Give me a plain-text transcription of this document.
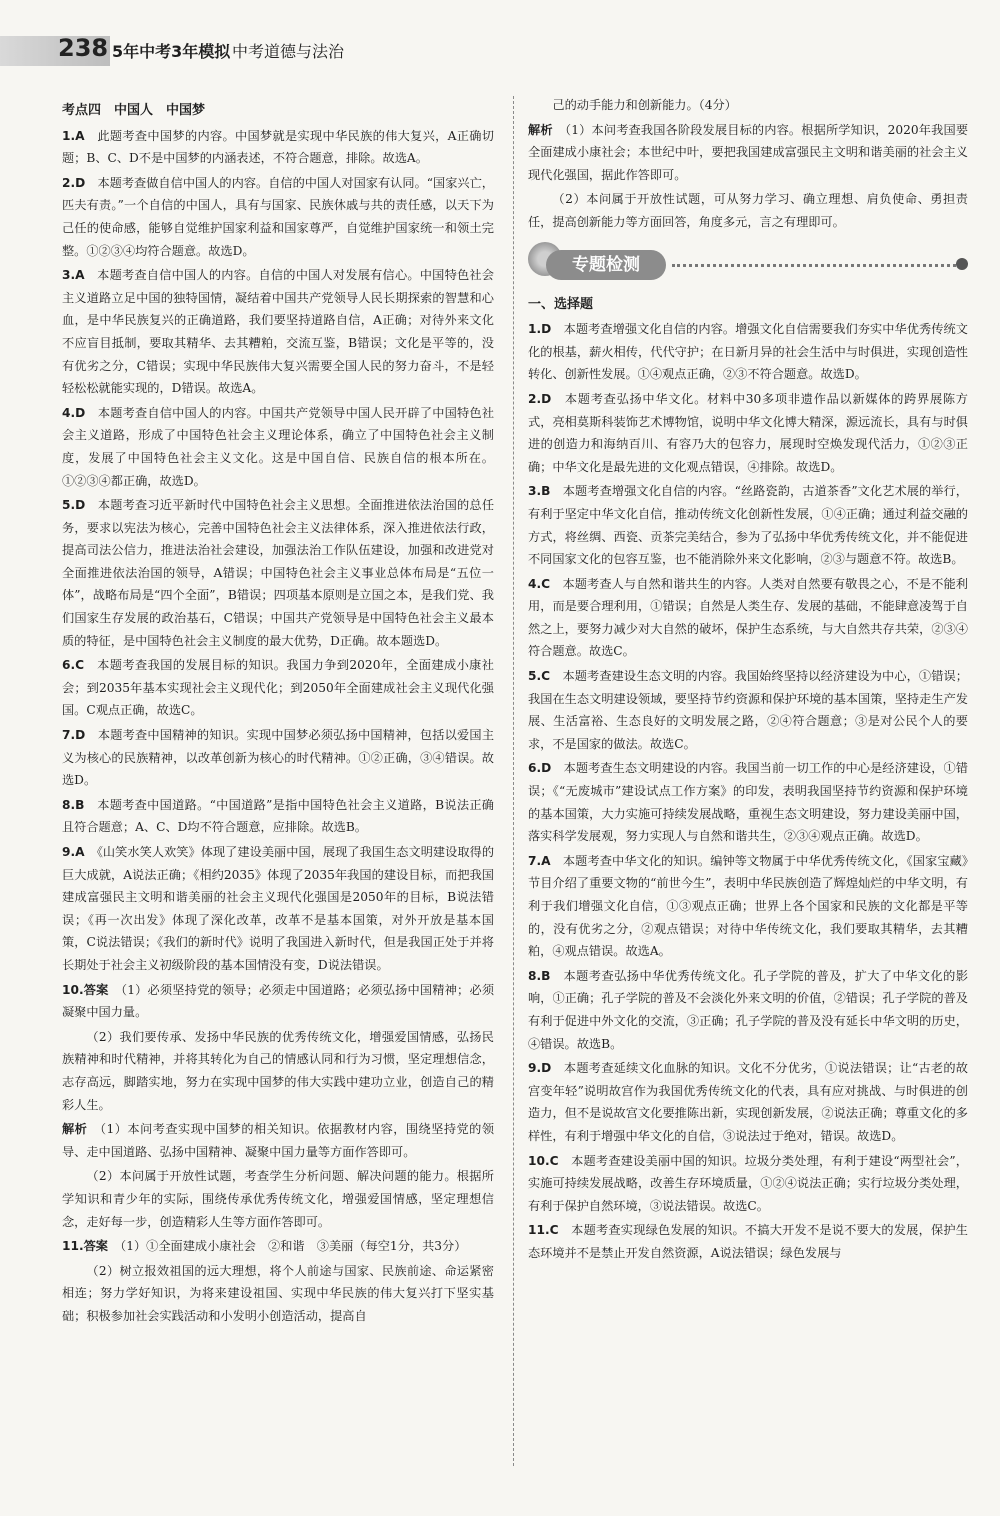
238 5年中考3年模拟 中考道德与法治
考点四　中国人　中国梦
1.A　此题考查中国梦的内容。中国梦就是实现中华民族的伟大复兴，A正确切题；B、C、D不是中国梦的内涵表述，不符合题意，排除。故选A。
2.D　本题考查做自信中国人的内容。自信的中国人对国家有认同。“国家兴亡，匹夫有责。”一个自信的中国人，具有与国家、民族休戚与共的责任感，以天下为己任的使命感，能够自觉维护国家利益和国家尊严，自觉维护国家统一和领土完整。①②③④均符合题意。故选D。
3.A　本题考查自信中国人的内容。自信的中国人对发展有信心。中国特色社会主义道路立足中国的独特国情，凝结着中国共产党领导人民长期探索的智慧和心血，是中华民族复兴的正确道路，我们要坚持道路自信，A正确；对待外来文化不应盲目抵制，要取其精华、去其糟粕，交流互鉴，B错误；文化是平等的，没有优劣之分，C错误；实现中华民族伟大复兴需要全国人民的努力奋斗，不是轻轻松松就能实现的，D错误。故选A。
4.D　本题考查自信中国人的内容。中国共产党领导中国人民开辟了中国特色社会主义道路，形成了中国特色社会主义理论体系，确立了中国特色社会主义制度，发展了中国特色社会主义文化。这是中国自信、民族自信的根本所在。①②③④都正确，故选D。
5.D　本题考查习近平新时代中国特色社会主义思想。全面推进依法治国的总任务，要求以宪法为核心，完善中国特色社会主义法律体系，深入推进依法行政，提高司法公信力，推进法治社会建设，加强法治工作队伍建设，加强和改进党对全面推进依法治国的领导，A错误；中国特色社会主义事业总体布局是“五位一体”，战略布局是“四个全面”，B错误；四项基本原则是立国之本，是我们党、我们国家生存发展的政治基石，C错误；中国共产党领导是中国特色社会主义最本质的特征，是中国特色社会主义制度的最大优势，D正确。故本题选D。
6.C　本题考查我国的发展目标的知识。我国力争到2020年，全面建成小康社会；到2035年基本实现社会主义现代化；到2050年全面建成社会主义现代化强国。C观点正确，故选C。
7.D　本题考查中国精神的知识。实现中国梦必须弘扬中国精神，包括以爱国主义为核心的民族精神，以改革创新为核心的时代精神。①②正确，③④错误。故选D。
8.B　本题考查中国道路。“中国道路”是指中国特色社会主义道路，B说法正确且符合题意；A、C、D均不符合题意，应排除。故选B。
9.A　《山笑水笑人欢笑》体现了建设美丽中国，展现了我国生态文明建设取得的巨大成就，A说法正确；《相约2035》体现了2035年我国的建设目标，而把我国建成富强民主文明和谐美丽的社会主义现代化强国是2050年的目标，B说法错误；《再一次出发》体现了深化改革，改革不是基本国策，对外开放是基本国策，C说法错误；《我们的新时代》说明了我国进入新时代，但是我国正处于并将长期处于社会主义初级阶段的基本国情没有变，D说法错误。
10.答案　（1）必须坚持党的领导；必须走中国道路；必须弘扬中国精神；必须凝聚中国力量。
（2）我们要传承、发扬中华民族的优秀传统文化，增强爱国情感，弘扬民族精神和时代精神，并将其转化为自己的情感认同和行为习惯，坚定理想信念，志存高远，脚踏实地，努力在实现中国梦的伟大实践中建功立业，创造自己的精彩人生。
解析　（1）本问考查实现中国梦的相关知识。依据教材内容，围绕坚持党的领导、走中国道路、弘扬中国精神、凝聚中国力量等方面作答即可。
（2）本问属于开放性试题，考查学生分析问题、解决问题的能力。根据所学知识和青少年的实际，围绕传承优秀传统文化，增强爱国情感，坚定理想信念，走好每一步，创造精彩人生等方面作答即可。
11.答案　（1）①全面建成小康社会　②和谐　③美丽（每空1分，共3分）
（2）树立报效祖国的远大理想，将个人前途与国家、民族前途、命运紧密相连；努力学好知识，为将来建设祖国、实现中华民族的伟大复兴打下坚实基础；积极参加社会实践活动和小发明小创造活动，提高自
己的动手能力和创新能力。（4分）
解析　（1）本问考查我国各阶段发展目标的内容。根据所学知识，2020年我国要全面建成小康社会；本世纪中叶，要把我国建成富强民主文明和谐美丽的社会主义现代化强国，据此作答即可。
（2）本问属于开放性试题，可从努力学习、确立理想、肩负使命、勇担责任，提高创新能力等方面回答，角度多元，言之有理即可。
专题检测
一、选择题
1.D　本题考查增强文化自信的内容。增强文化自信需要我们夯实中华优秀传统文化的根基，薪火相传，代代守护；在日新月异的社会生活中与时俱进，实现创造性转化、创新性发展。①④观点正确，②③不符合题意。故选D。
2.D　本题考查弘扬中华文化。材料中30多项非遗作品以新媒体的跨界展陈方式，亮相莫斯科装饰艺术博物馆，说明中华文化博大精深，源远流长，具有与时俱进的创造力和海纳百川、有容乃大的包容力，展现时空焕发现代活力，①②③正确；中华文化是最先进的文化观点错误，④排除。故选D。
3.B　本题考查增强文化自信的内容。“丝路瓷韵，古道茶香”文化艺术展的举行，有利于坚定中华文化自信，推动传统文化创新性发展，①④正确；通过利益交融的方式，将丝绸、西瓷、贡茶完美结合，参为了弘扬中华优秀传统文化，并不能促进不同国家文化的包容互鉴，也不能消除外来文化影响，②③与题意不符。故选B。
4.C　本题考查人与自然和谐共生的内容。人类对自然要有敬畏之心，不是不能利用，而是要合理利用，①错误；自然是人类生存、发展的基础，不能肆意凌驾于自然之上，要努力减少对大自然的破坏，保护生态系统，与大自然共存共荣，②③④符合题意。故选C。
5.C　本题考查建设生态文明的内容。我国始终坚持以经济建设为中心，①错误；我国在生态文明建设领域，要坚持节约资源和保护环境的基本国策，坚持走生产发展、生活富裕、生态良好的文明发展之路，②④符合题意；③是对公民个人的要求，不是国家的做法。故选C。
6.D　本题考查生态文明建设的内容。我国当前一切工作的中心是经济建设，①错误；《“无废城市”建设试点工作方案》的印发，表明我国坚持节约资源和保护环境的基本国策，大力实施可持续发展战略，重视生态文明建设，努力建设美丽中国，落实科学发展观，努力实现人与自然和谐共生，②③④观点正确。故选D。
7.A　本题考查中华文化的知识。编钟等文物属于中华优秀传统文化，《国家宝藏》节目介绍了重要文物的“前世今生”，表明中华民族创造了辉煌灿烂的中华文明，有利于我们增强文化自信，①③观点正确；世界上各个国家和民族的文化都是平等的，没有优劣之分，②观点错误；对待中华传统文化，我们要取其精华，去其糟粕，④观点错误。故选A。
8.B　本题考查弘扬中华优秀传统文化。孔子学院的普及，扩大了中华文化的影响，①正确；孔子学院的普及不会淡化外来文明的价值，②错误；孔子学院的普及有利于促进中外文化的交流，③正确；孔子学院的普及没有延长中华文明的历史，④错误。故选B。
9.D　本题考查延续文化血脉的知识。文化不分优劣，①说法错误；让“古老的故宫变年轻”说明故宫作为我国优秀传统文化的代表，具有应对挑战、与时俱进的创造力，但不是说故宫文化要推陈出新，实现创新发展，②说法正确；尊重文化的多样性，有利于增强中华文化的自信，③说法过于绝对，错误。故选D。
10.C　本题考查建设美丽中国的知识。垃圾分类处理，有利于建设“两型社会”，实施可持续发展战略，改善生存环境质量，①②④说法正确；实行垃圾分类处理，有利于保护自然环境，③说法错误。故选C。
11.C　本题考查实现绿色发展的知识。不搞大开发不是说不要大的发展，保护生态环境并不是禁止开发自然资源，A说法错误；绿色发展与
